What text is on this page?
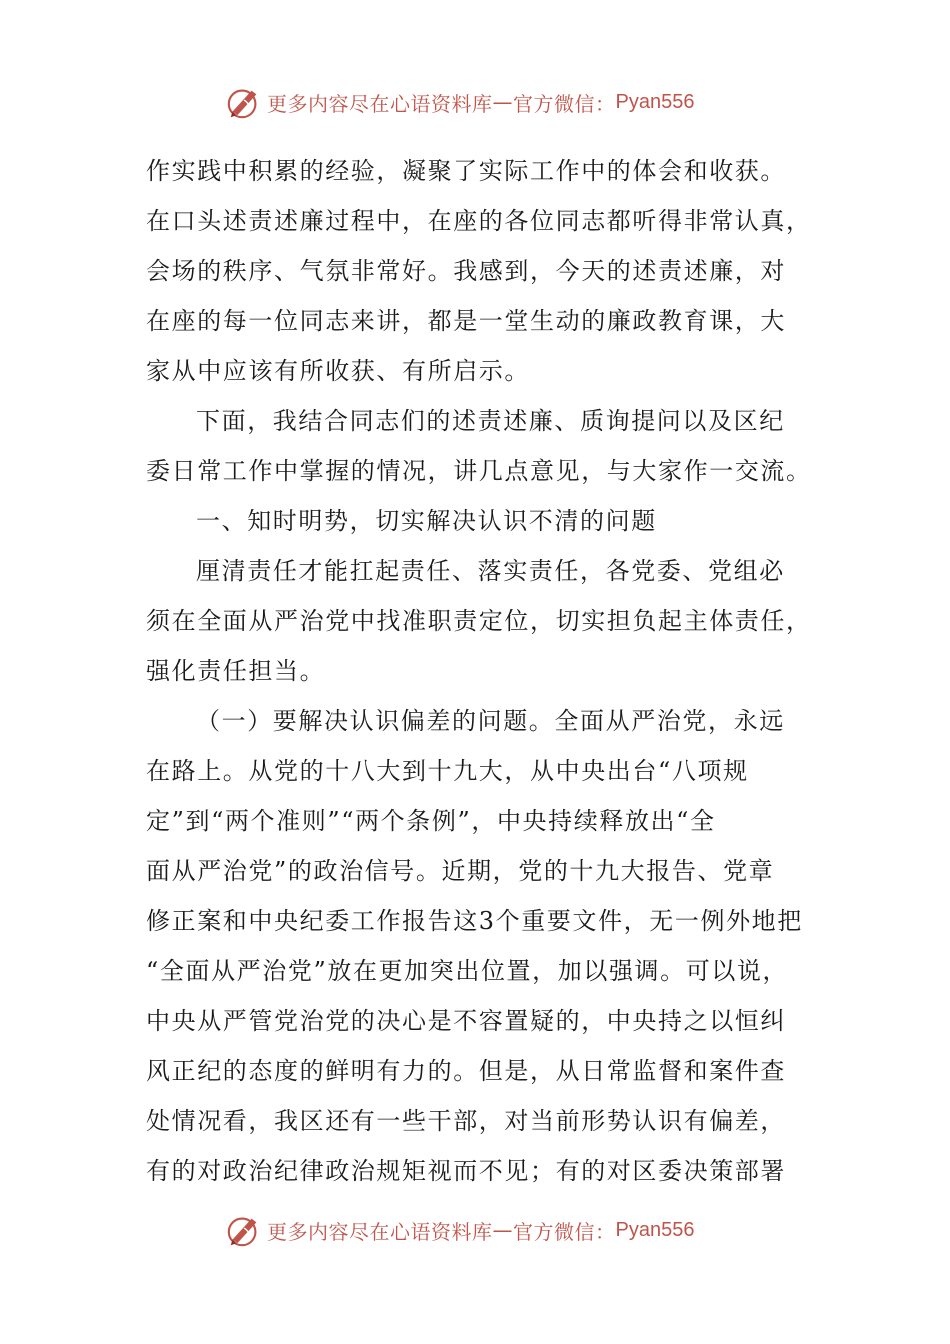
更多内容尽在心语资料库 — 官方微信： Pyan556
作实践中积累的经验，凝聚了实际工作中的体会和收获。
在口头述责述廉过程中，在座的各位同志都听得非常认真，
会场的秩序、气氛非常好。我感到，今天的述责述廉，对
在座的每一位同志来讲，都是一堂生动的廉政教育课，大
家从中应该有所收获、有所启示。
下面，我结合同志们的述责述廉、质询提问以及区纪
委日常工作中掌握的情况，讲几点意见，与大家作一交流。
一、知时明势，切实解决认识不清的问题
厘清责任才能扛起责任、落实责任，各党委、党组必
须在全面从严治党中找准职责定位，切实担负起主体责任，
强化责任担当。
（一）要解决认识偏差的问题。全面从严治党，永远
在路上。从党的十八大到十九大，从中央出台“八项规
定”到“两个准则”“两个条例”，中央持续释放出“全
面从严治党”的政治信号。近期，党的十九大报告、党章
修正案和中央纪委工作报告这3个重要文件，无一例外地把
“全面从严治党”放在更加突出位置，加以强调。可以说，
中央从严管党治党的决心是不容置疑的，中央持之以恒纠
风正纪的态度的鲜明有力的。但是，从日常监督和案件查
处情况看，我区还有一些干部，对当前形势认识有偏差，
有的对政治纪律政治规矩视而不见；有的对区委决策部署
更多内容尽在心语资料库 — 官方微信： Pyan556
